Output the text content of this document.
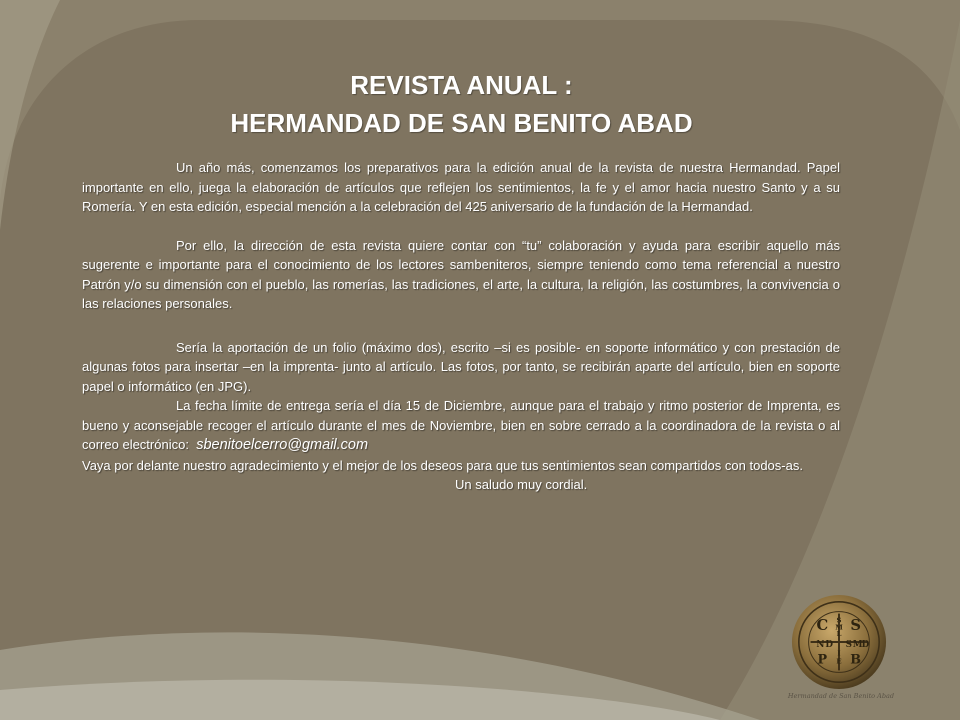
REVISTA ANUAL :
HERMANDAD DE SAN BENITO ABAD

Un año más, comenzamos los preparativos para la edición anual de la revista de nuestra Hermandad. Papel importante en ello, juega la elaboración de artículos que reflejen los sentimientos, la fe y el amor hacia nuestro Santo y a su Romería. Y en esta edición, especial mención a la celebración del 425 aniversario de la fundación de la Hermandad.

Por ello, la dirección de esta revista quiere contar con “tu” colaboración y ayuda para escribir aquello más sugerente e importante para el conocimiento de los lectores sambeniteros, siempre teniendo como tema referencial a nuestro Patrón y/o su dimensión con el pueblo, las romerías, las tradiciones, el arte, la cultura, la religión, las costumbres, la convivencia o las relaciones personales.

Sería la aportación de un folio (máximo dos), escrito –si es posible- en soporte informático y con prestación de algunas fotos para insertar –en la imprenta- junto al artículo. Las fotos, por tanto, se recibirán aparte del artículo, bien en soporte papel o informático (en JPG).

La fecha límite de entrega sería el día 15 de Diciembre, aunque para el trabajo y ritmo posterior de Imprenta, es bueno y aconsejable recoger el artículo durante el mes de Noviembre, bien en sobre cerrado a la coordinadora de la revista o al correo electrónico: sbenitoelcerro@gmail.com

Vaya por delante nuestro agradecimiento y el mejor de los deseos para que tus sentimientos sean compartidos con todos-as.

Un saludo muy cordial.

C S
S
M
L
N D S M D
P B
I
E
Hermandad de San Benito Abad
